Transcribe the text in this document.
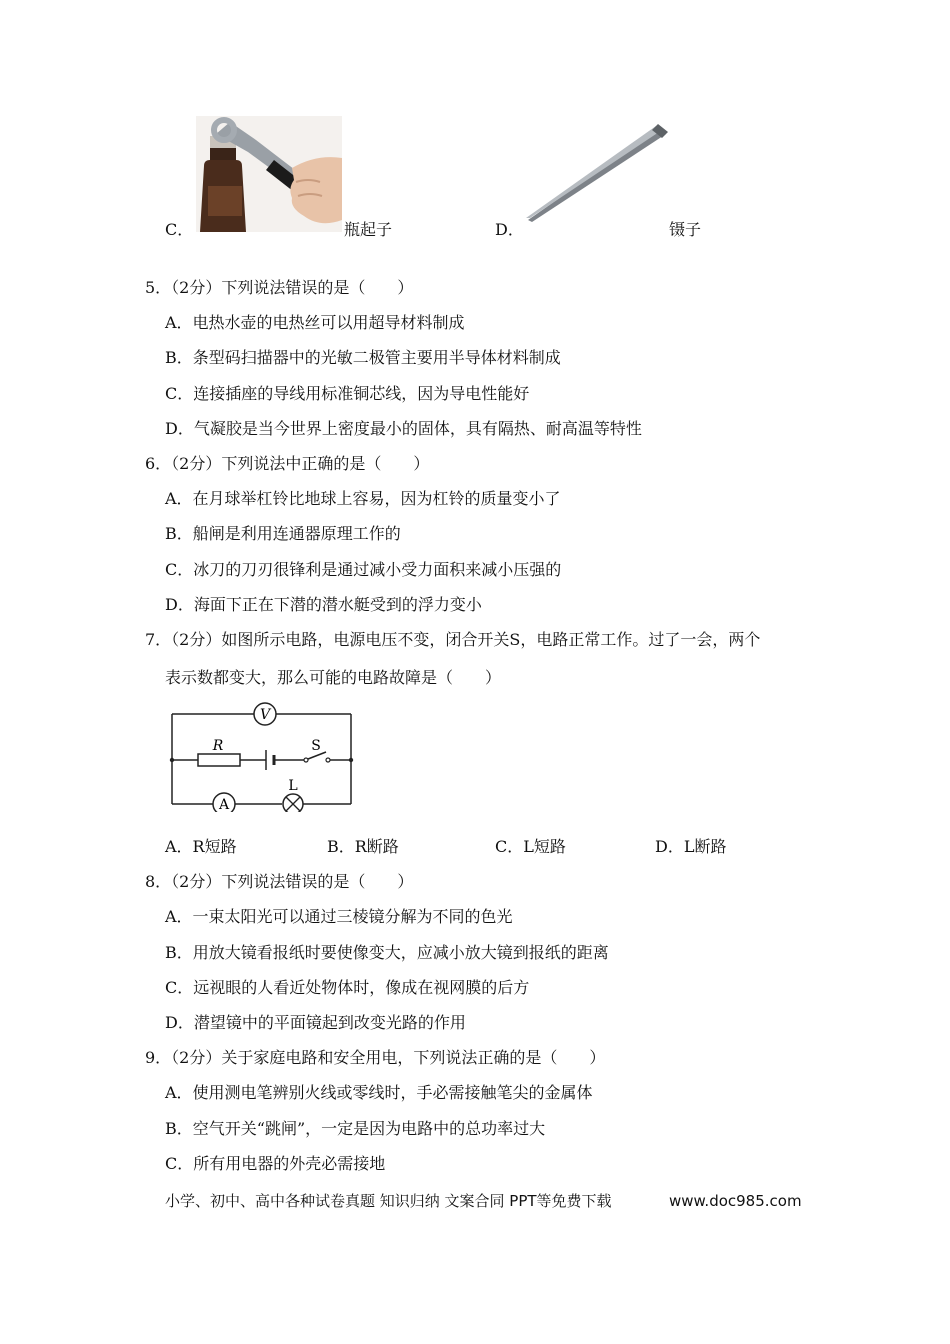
C．	瓶起子	D．	镊子
5．（2分）下列说法错误的是（　　）
A．电热水壶的电热丝可以用超导材料制成
B．条型码扫描器中的光敏二极管主要用半导体材料制成
C．连接插座的导线用标准铜芯线，因为导电性能好
D．气凝胶是当今世界上密度最小的固体，具有隔热、耐高温等特性
6．（2分）下列说法中正确的是（　　）
A．在月球举杠铃比地球上容易，因为杠铃的质量变小了
B．船闸是利用连通器原理工作的
C．冰刀的刀刃很锋利是通过减小受力面积来减小压强的
D．海面下正在下潜的潜水艇受到的浮力变小
7．（2分）如图所示电路，电源电压不变，闭合开关S，电路正常工作。过了一会，两个
表示数都变大，那么可能的电路故障是（　　）
V
R	S
A
L
A．R短路	B．R断路	C．L短路	D．L断路
8．（2分）下列说法错误的是（　　）
A．一束太阳光可以通过三棱镜分解为不同的色光
B．用放大镜看报纸时要使像变大，应减小放大镜到报纸的距离
C．远视眼的人看近处物体时，像成在视网膜的后方
D．潜望镜中的平面镜起到改变光路的作用
9．（2分）关于家庭电路和安全用电，下列说法正确的是（　　）
A．使用测电笔辨别火线或零线时，手必需接触笔尖的金属体
B．空气开关“跳闸”，一定是因为电路中的总功率过大
C．所有用电器的外壳必需接地
小学、初中、高中各种试卷真题 知识归纳 文案合同 PPT等免费下载	www.doc985.com
